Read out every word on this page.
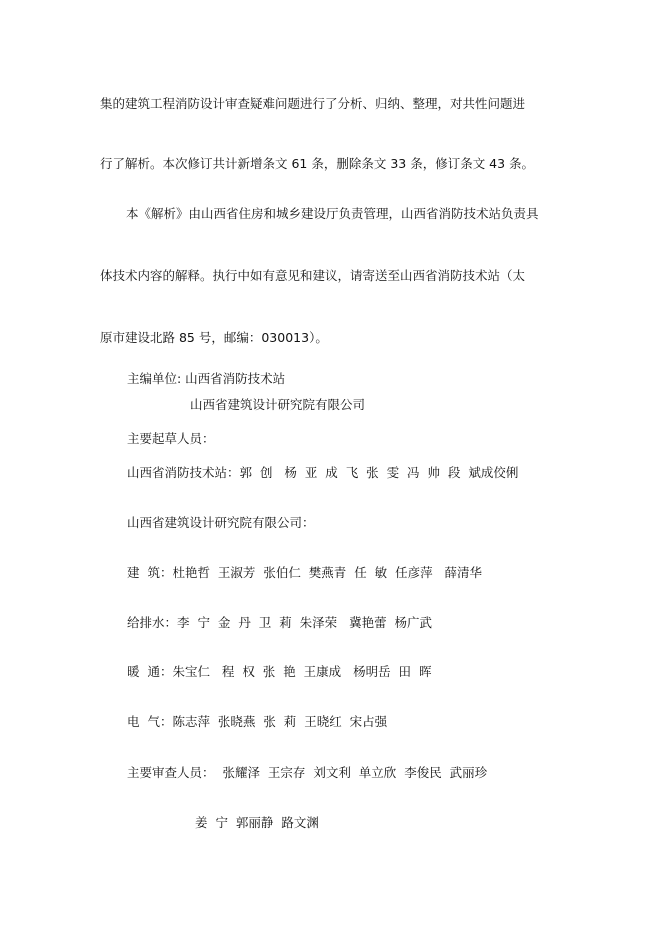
集的建筑工程消防设计审查疑难问题进行了分析、归纳、整理，对共性问题进
行了解析。本次修订共计新增条文 61 条，删除条文 33 条，修订条文 43 条。
本《解析》由山西省住房和城乡建设厅负责管理，山西省消防技术站负责具
体技术内容的解释。执行中如有意见和建议，请寄送至山西省消防技术站（太
原市建设北路 85 号，邮编：030013）。
主编单位: 山西省消防技术站
山西省建筑设计研究院有限公司
主要起草人员：
山西省消防技术站：郭  创   杨  亚  成  飞  张  雯  冯  帅  段  斌成佼俐
山西省建筑设计研究院有限公司：
建  筑：杜艳哲  王淑芳  张伯仁  樊燕青  任  敏  任彦萍   薛清华
给排水：李  宁  金  丹  卫  莉  朱泽荣   冀艳蕾  杨广武
暖  通：朱宝仁   程  权  张  艳  王康成   杨明岳  田  晖
电  气：陈志萍  张晓燕  张  莉  王晓红  宋占强
主要审查人员：  张耀泽  王宗存  刘文利  单立欣  李俊民  武丽珍
姜  宁  郭丽静  路文渊
